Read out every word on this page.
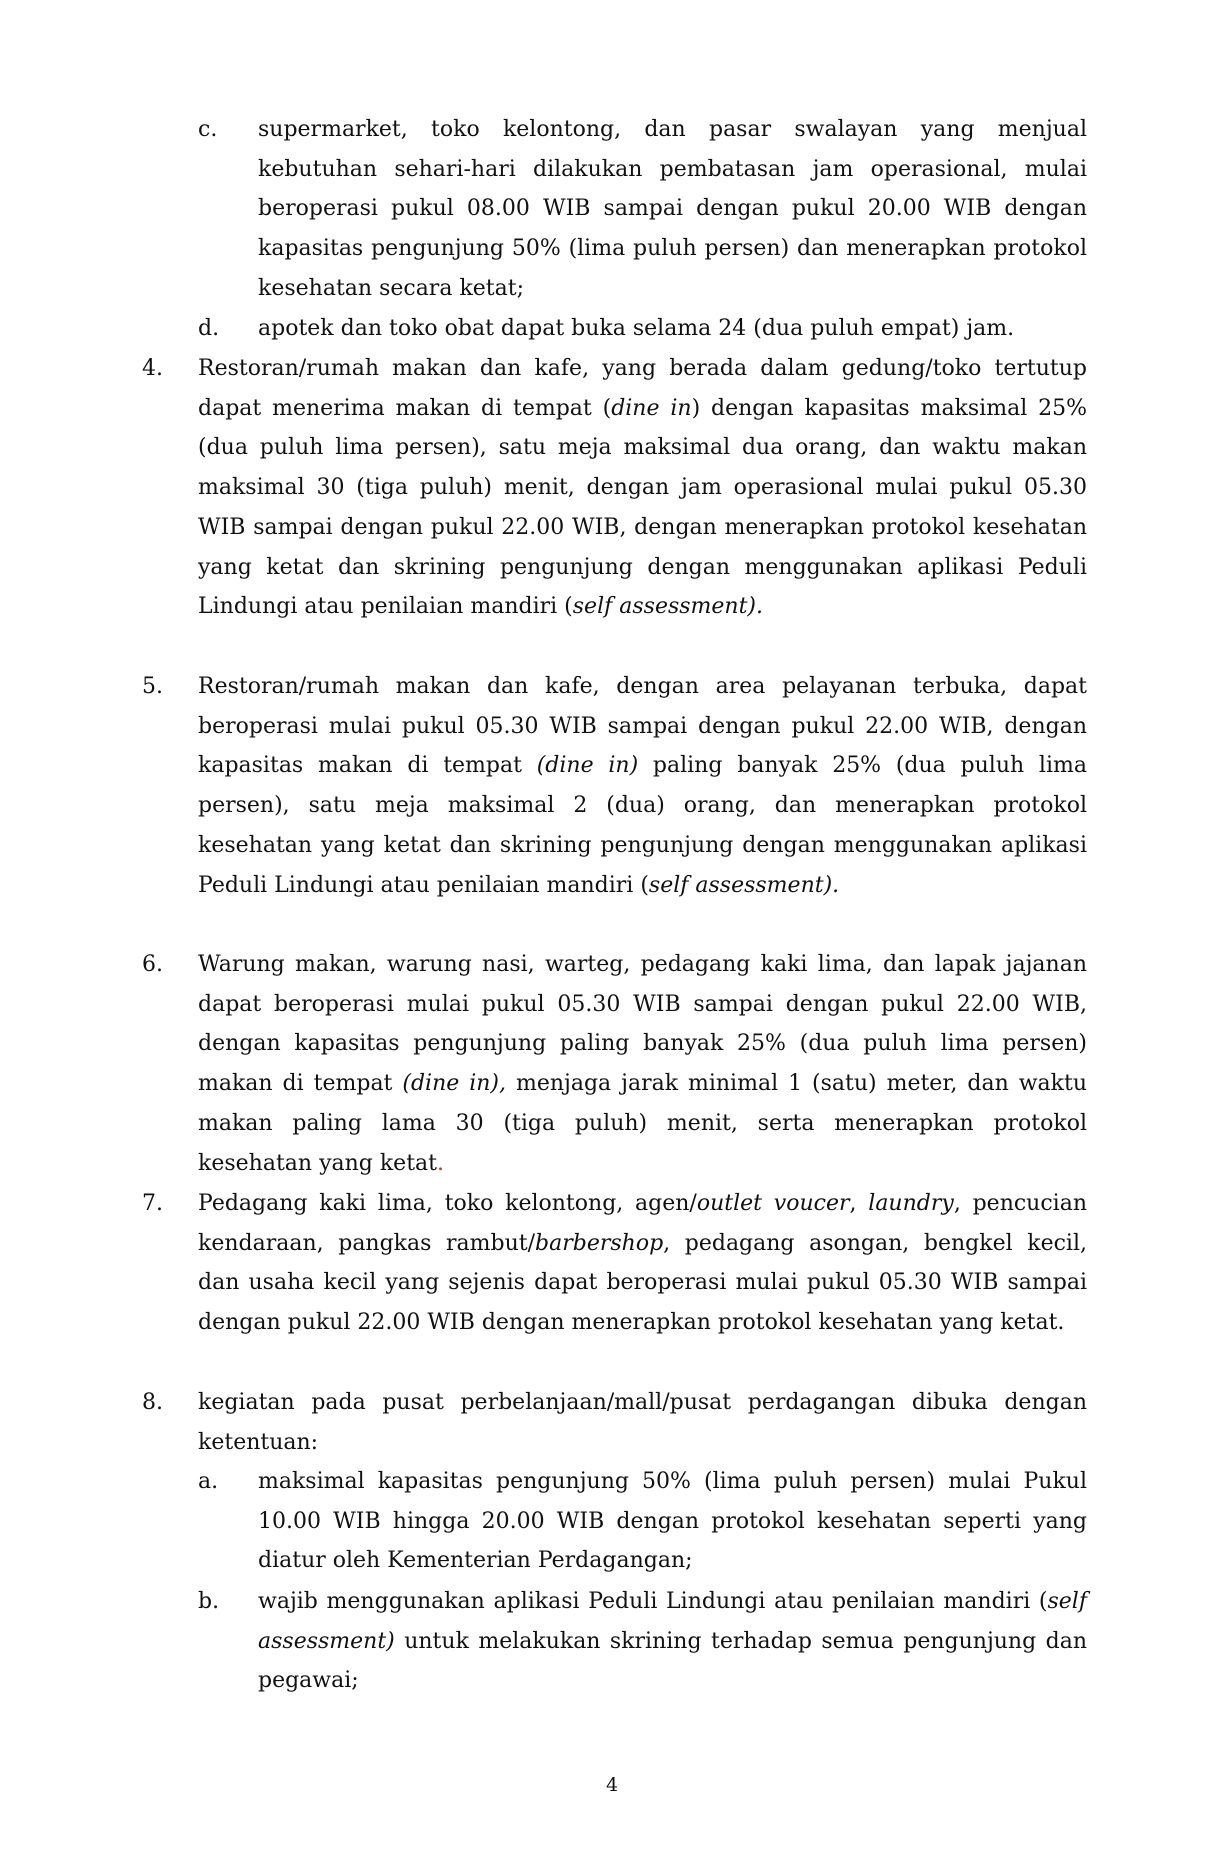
c. supermarket, toko kelontong, dan pasar swalayan yang menjual kebutuhan sehari-hari dilakukan pembatasan jam operasional, mulai beroperasi pukul 08.00 WIB sampai dengan pukul 20.00 WIB dengan kapasitas pengunjung 50% (lima puluh persen) dan menerapkan protokol kesehatan secara ketat;
d. apotek dan toko obat dapat buka selama 24 (dua puluh empat) jam.
4. Restoran/rumah makan dan kafe, yang berada dalam gedung/toko tertutup dapat menerima makan di tempat (dine in) dengan kapasitas maksimal 25% (dua puluh lima persen), satu meja maksimal dua orang, dan waktu makan maksimal 30 (tiga puluh) menit, dengan jam operasional mulai pukul 05.30 WIB sampai dengan pukul 22.00 WIB, dengan menerapkan protokol kesehatan yang ketat dan skrining pengunjung dengan menggunakan aplikasi Peduli Lindungi atau penilaian mandiri (self assessment).
5. Restoran/rumah makan dan kafe, dengan area pelayanan terbuka, dapat beroperasi mulai pukul 05.30 WIB sampai dengan pukul 22.00 WIB, dengan kapasitas makan di tempat (dine in) paling banyak 25% (dua puluh lima persen), satu meja maksimal 2 (dua) orang, dan menerapkan protokol kesehatan yang ketat dan skrining pengunjung dengan menggunakan aplikasi Peduli Lindungi atau penilaian mandiri (self assessment).
6. Warung makan, warung nasi, warteg, pedagang kaki lima, dan lapak jajanan dapat beroperasi mulai pukul 05.30 WIB sampai dengan pukul 22.00 WIB, dengan kapasitas pengunjung paling banyak 25% (dua puluh lima persen) makan di tempat (dine in), menjaga jarak minimal 1 (satu) meter, dan waktu makan paling lama 30 (tiga puluh) menit, serta menerapkan protokol kesehatan yang ketat.
7. Pedagang kaki lima, toko kelontong, agen/outlet voucer, laundry, pencucian kendaraan, pangkas rambut/barbershop, pedagang asongan, bengkel kecil, dan usaha kecil yang sejenis dapat beroperasi mulai pukul 05.30 WIB sampai dengan pukul 22.00 WIB dengan menerapkan protokol kesehatan yang ketat.
8. kegiatan pada pusat perbelanjaan/mall/pusat perdagangan dibuka dengan ketentuan:
a. maksimal kapasitas pengunjung 50% (lima puluh persen) mulai Pukul 10.00 WIB hingga 20.00 WIB dengan protokol kesehatan seperti yang diatur oleh Kementerian Perdagangan;
b. wajib menggunakan aplikasi Peduli Lindungi atau penilaian mandiri (self assessment) untuk melakukan skrining terhadap semua pengunjung dan pegawai;
4
